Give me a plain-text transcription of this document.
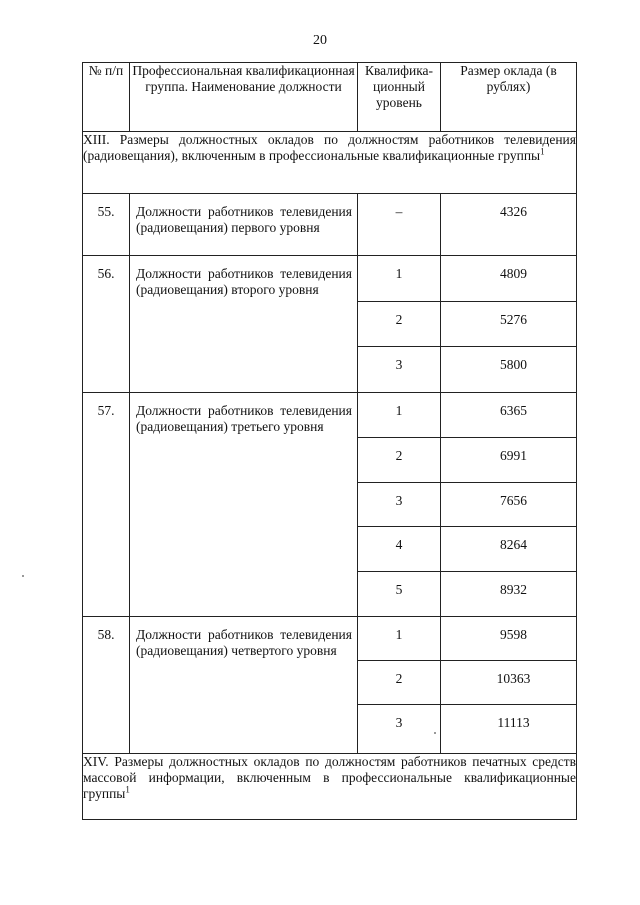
20
№ п/п	Профессиональная квалификационная группа. Наименование должности	Квалифика-ционный уровень	Размер оклада (в рублях)
XIII. Размеры должностных окладов по должностям работников телевидения (радиовещания), включенным в профессиональные квалификационные группы$^1$
55.	Должности работников телевидения (радиовещания) первого уровня	–	4326
56.	Должности работников телевидения (радиовещания) второго уровня	1	4809
		2	5276
		3	5800
57.	Должности работников телевидения (радиовещания) третьего уровня	1	6365
		2	6991
		3	7656
		4	8264
		5	8932
58.	Должности работников телевидения (радиовещания) четвертого уровня	1	9598
		2	10363
		3	11113
XIV. Размеры должностных окладов по должностям работников печатных средств массовой информации, включенным в профессиональные квалификационные группы$^1$
